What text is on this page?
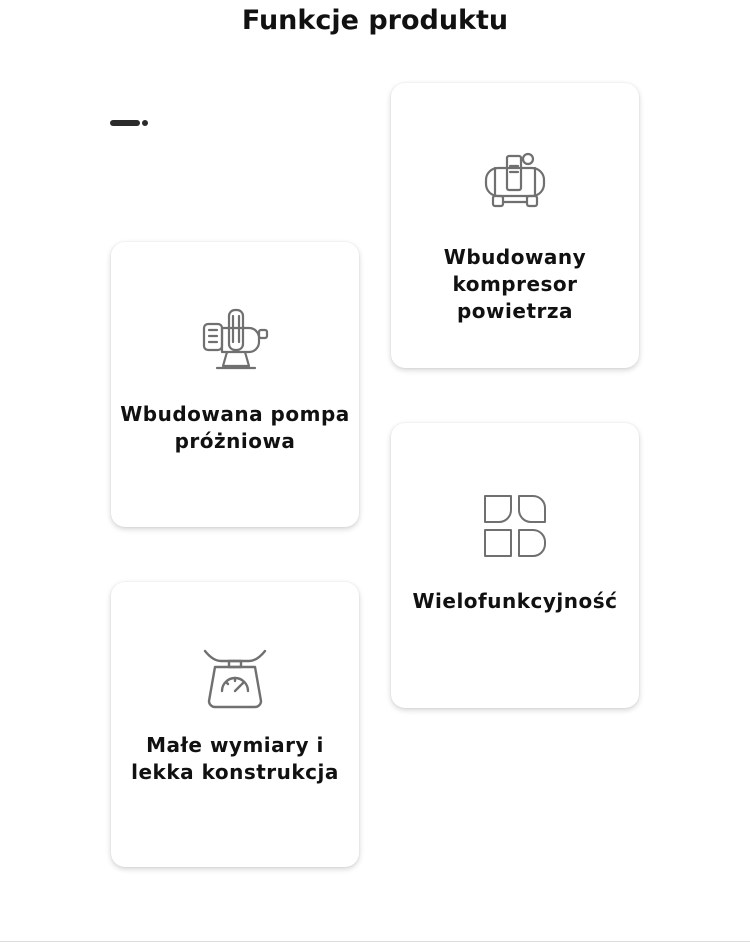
Funkcje produktu
Wbudowany kompresor powietrza
Wbudowana pompa próżniowa
Wielofunkcyjność
Małe wymiary i lekka konstrukcja
